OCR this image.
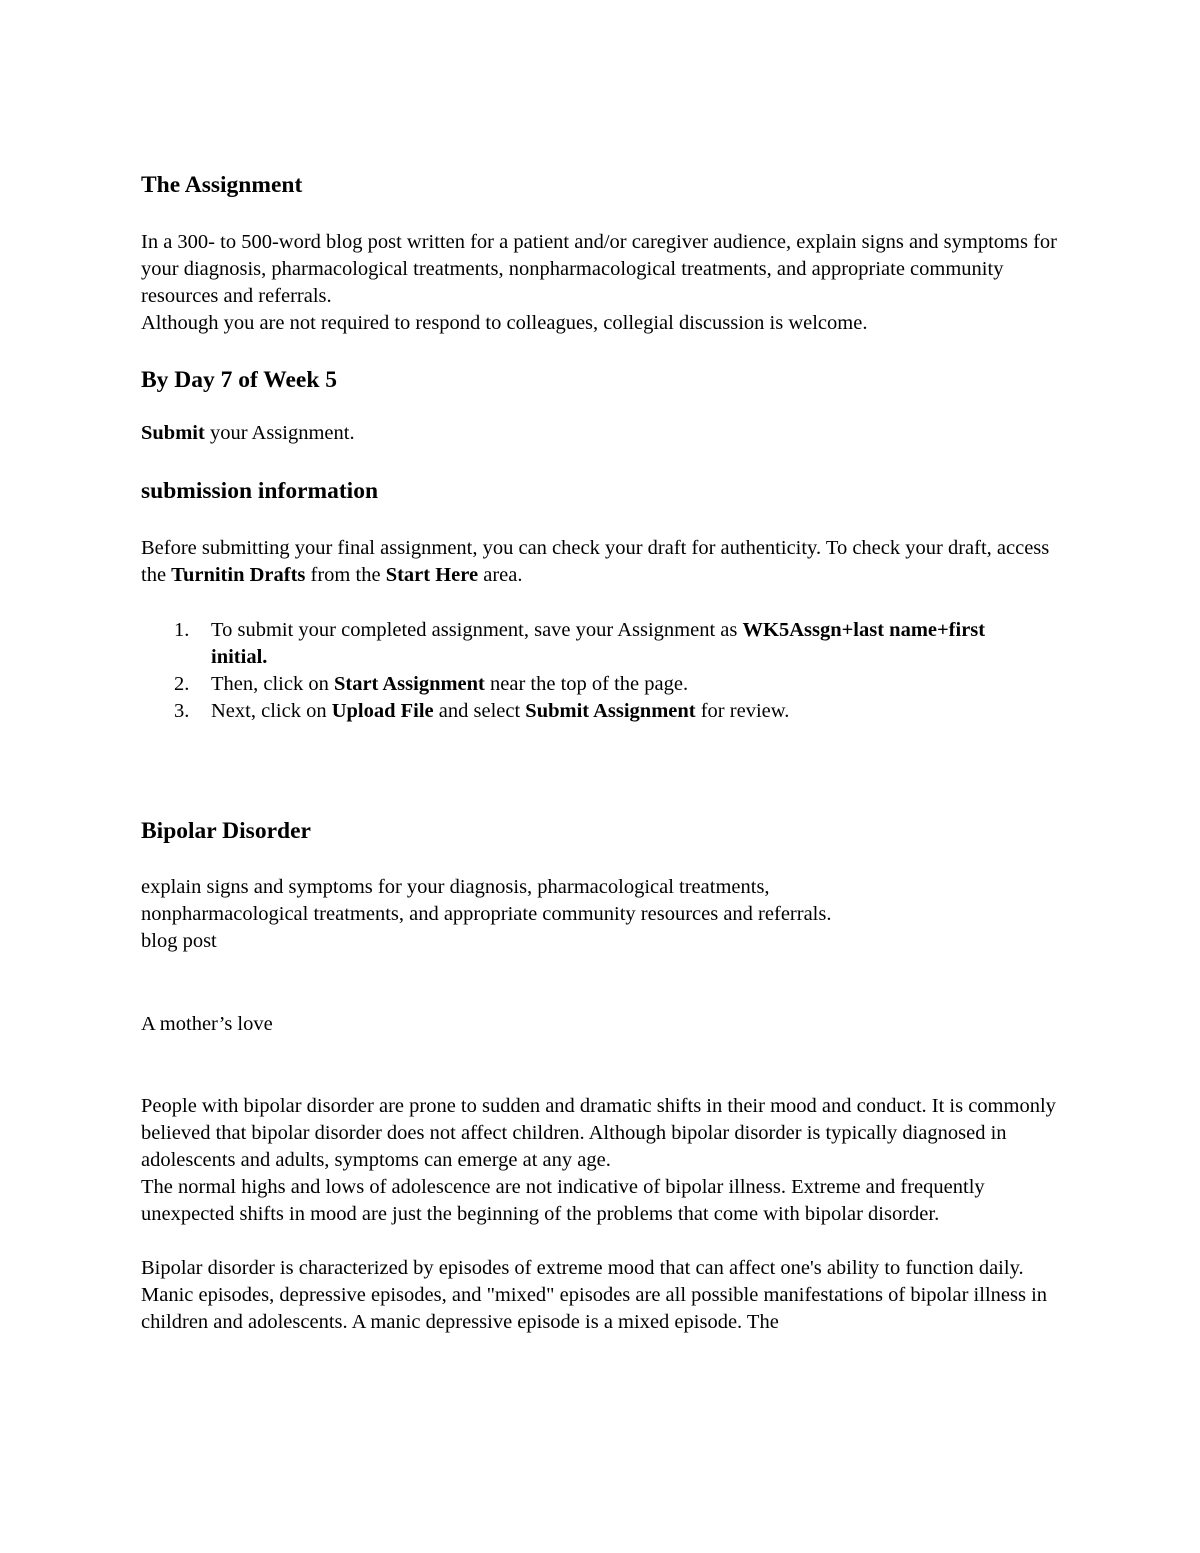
The Assignment

In a 300- to 500-word blog post written for a patient and/or caregiver audience, explain signs and symptoms for your diagnosis, pharmacological treatments, nonpharmacological treatments, and appropriate community resources and referrals.

Although you are not required to respond to colleagues, collegial discussion is welcome.

By Day 7 of Week 5

Submit your Assignment.

submission information

Before submitting your final assignment, you can check your draft for authenticity. To check your draft, access the Turnitin Drafts from the Start Here area.

1. To submit your completed assignment, save your Assignment as WK5Assgn+last name+first initial.
2. Then, click on Start Assignment near the top of the page.
3. Next, click on Upload File and select Submit Assignment for review.
Bipolar Disorder

explain signs and symptoms for your diagnosis, pharmacological treatments, nonpharmacological treatments, and appropriate community resources and referrals.

blog post

A mother’s love

People with bipolar disorder are prone to sudden and dramatic shifts in their mood and conduct. It is commonly believed that bipolar disorder does not affect children. Although bipolar disorder is typically diagnosed in adolescents and adults, symptoms can emerge at any age.

The normal highs and lows of adolescence are not indicative of bipolar illness. Extreme and frequently unexpected shifts in mood are just the beginning of the problems that come with bipolar disorder.

Bipolar disorder is characterized by episodes of extreme mood that can affect one's ability to function daily.

Manic episodes, depressive episodes, and "mixed" episodes are all possible manifestations of bipolar illness in children and adolescents. A manic depressive episode is a mixed episode. The
